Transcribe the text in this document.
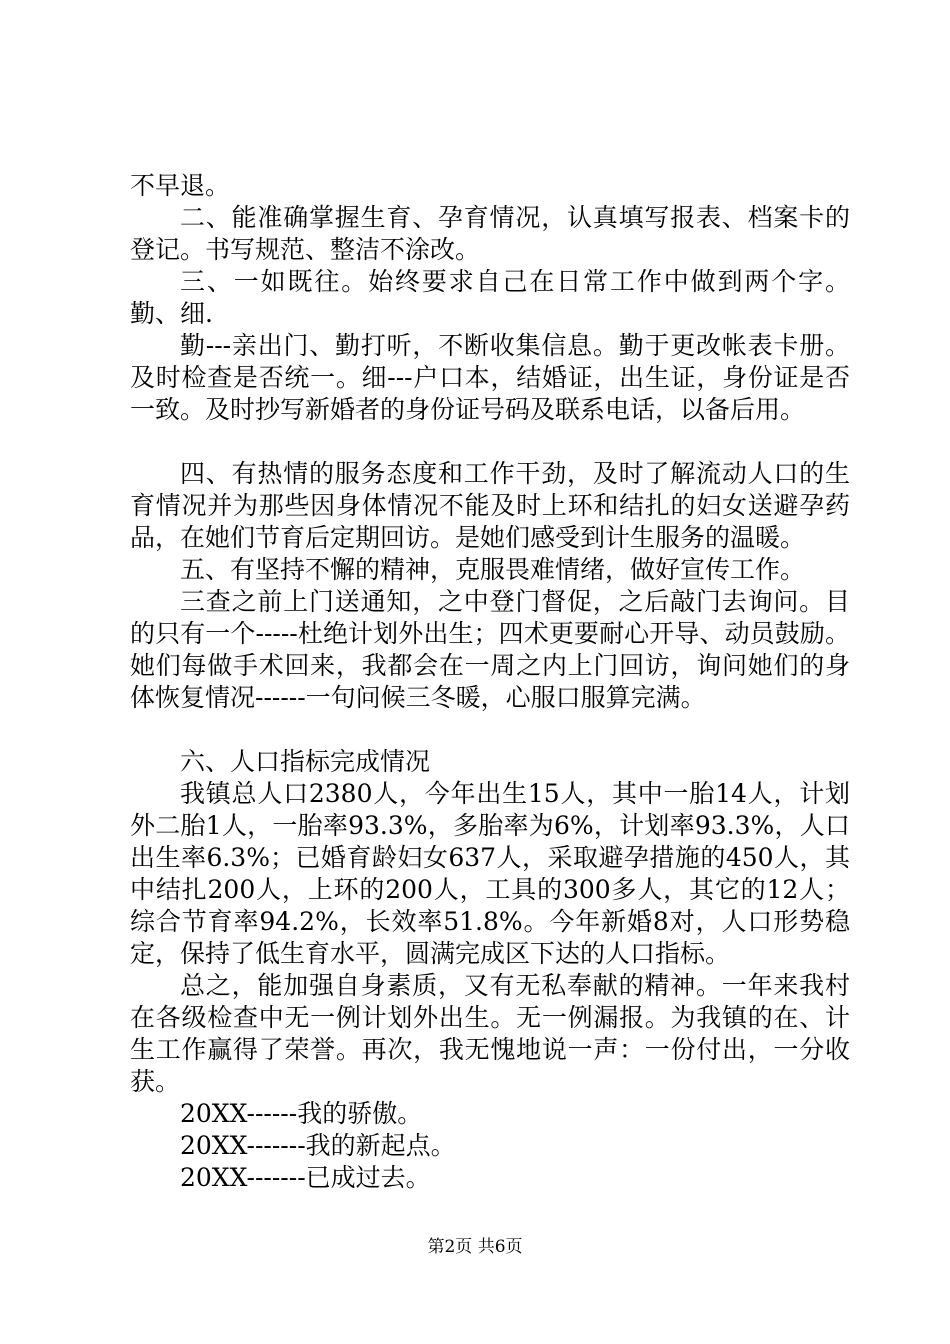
不早退。

二、能准确掌握生育、孕育情况，认真填写报表、档案卡的登记。书写规范、整洁不涂改。

三、一如既往。始终要求自己在日常工作中做到两个字。勤、细.

勤---亲出门、勤打听，不断收集信息。勤于更改帐表卡册。及时检查是否统一。细---户口本，结婚证，出生证，身份证是否一致。及时抄写新婚者的身份证号码及联系电话，以备后用。

四、有热情的服务态度和工作干劲，及时了解流动人口的生育情况并为那些因身体情况不能及时上环和结扎的妇女送避孕药品，在她们节育后定期回访。是她们感受到计生服务的温暖。

五、有坚持不懈的精神，克服畏难情绪，做好宣传工作。

三查之前上门送通知，之中登门督促，之后敲门去询问。目的只有一个-----杜绝计划外出生；四术更要耐心开导、动员鼓励。她们每做手术回来，我都会在一周之内上门回访，询问她们的身体恢复情况------一句问候三冬暖，心服口服算完满。

六、人口指标完成情况

我镇总人口2380人，今年出生15人，其中一胎14人，计划外二胎1人，一胎率93.3%，多胎率为6%，计划率93.3%，人口出生率6.3%；已婚育龄妇女637人，采取避孕措施的450人，其中结扎200人，上环的200人，工具的300多人，其它的12人；综合节育率94.2%，长效率51.8%。今年新婚8对，人口形势稳定，保持了低生育水平，圆满完成区下达的人口指标。

总之，能加强自身素质，又有无私奉献的精神。一年来我村在各级检查中无一例计划外出生。无一例漏报。为我镇的在、计生工作赢得了荣誉。再次，我无愧地说一声：一份付出，一分收获。

20XX------我的骄傲。

20XX-------我的新起点。

20XX-------已成过去。

第2页 共6页
